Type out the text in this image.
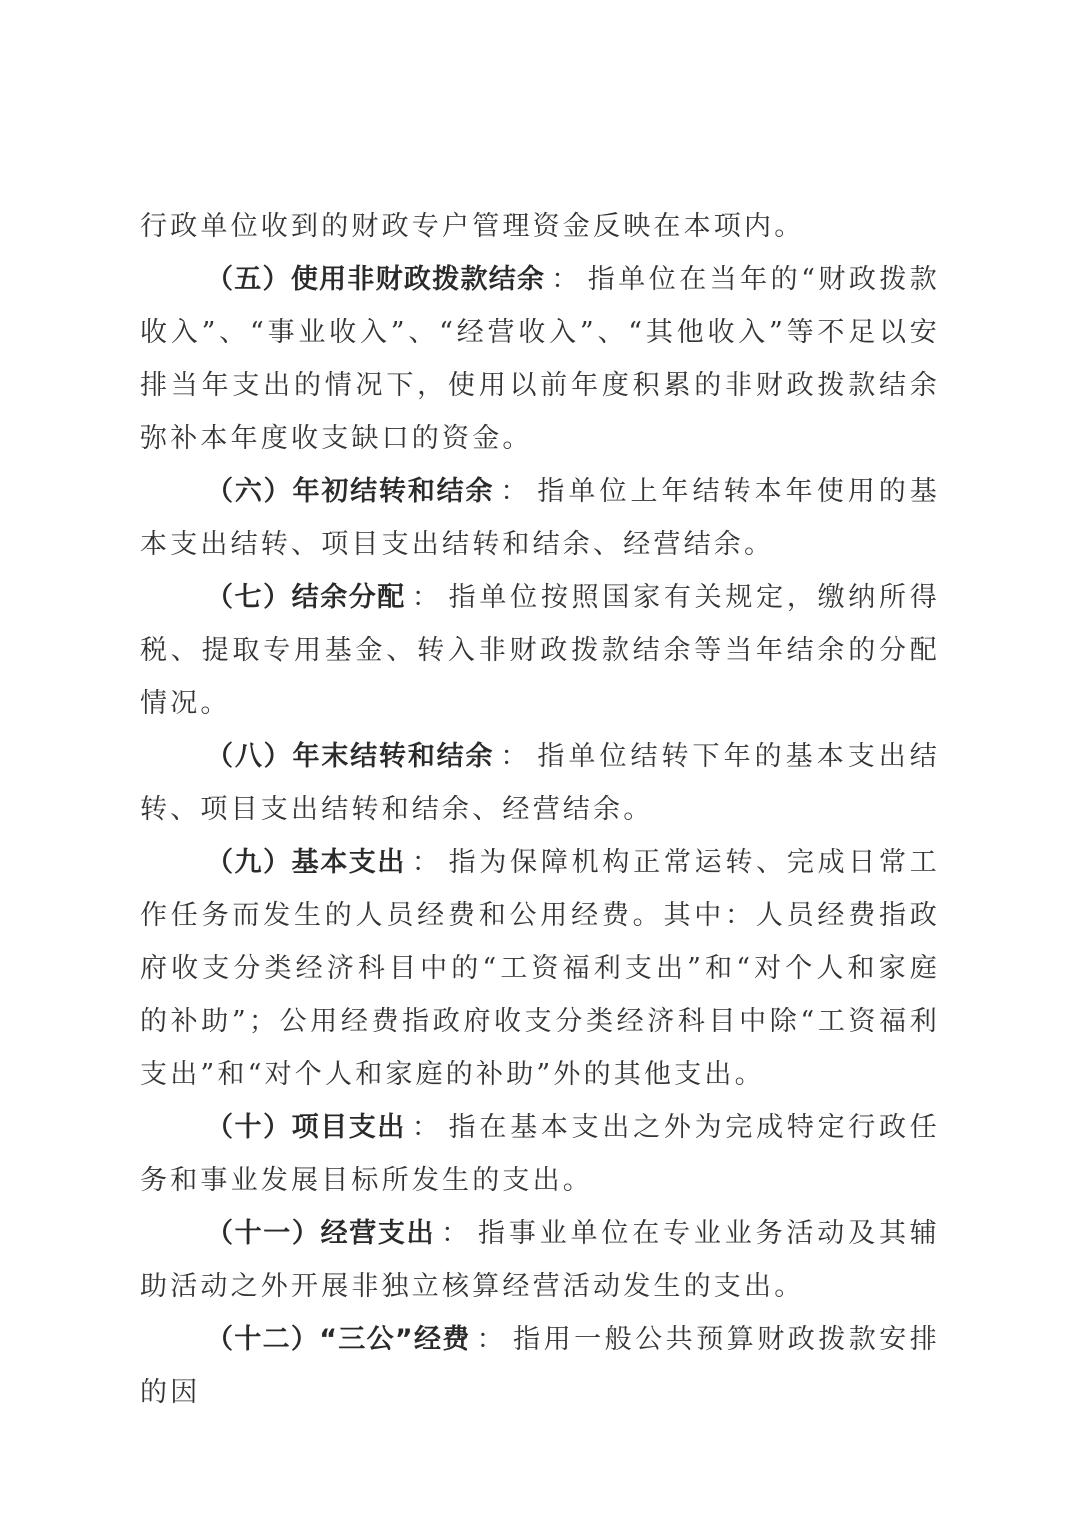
行政单位收到的财政专户管理资金反映在本项内。

（五）使用非财政拨款结余 ： 指单位在当年的“财政拨款收入”、“事业收入”、“经营收入”、“其他收入”等不足以安排当年支出的情况下，使用以前年度积累的非财政拨款结余弥补本年度收支缺口的资金。

（六）年初结转和结余 ： 指单位上年结转本年使用的基本支出结转、项目支出结转和结余、经营结余。

（七）结余分配 ： 指单位按照国家有关规定，缴纳所得税、提取专用基金、转入非财政拨款结余等当年结余的分配情况。

（八）年末结转和结余 ： 指单位结转下年的基本支出结转、项目支出结转和结余、经营结余。

（九）基本支出 ： 指为保障机构正常运转、完成日常工作任务而发生的人员经费和公用经费。其中：人员经费指政府收支分类经济科目中的“工资福利支出”和“对个人和家庭的补助”；公用经费指政府收支分类经济科目中除“工资福利支出”和“对个人和家庭的补助”外的其他支出。

（十）项目支出 ： 指在基本支出之外为完成特定行政任务和事业发展目标所发生的支出。

（十一）经营支出 ： 指事业单位在专业业务活动及其辅助活动之外开展非独立核算经营活动发生的支出。

（十二）“三公”经费 ： 指用一般公共预算财政拨款安排的因
